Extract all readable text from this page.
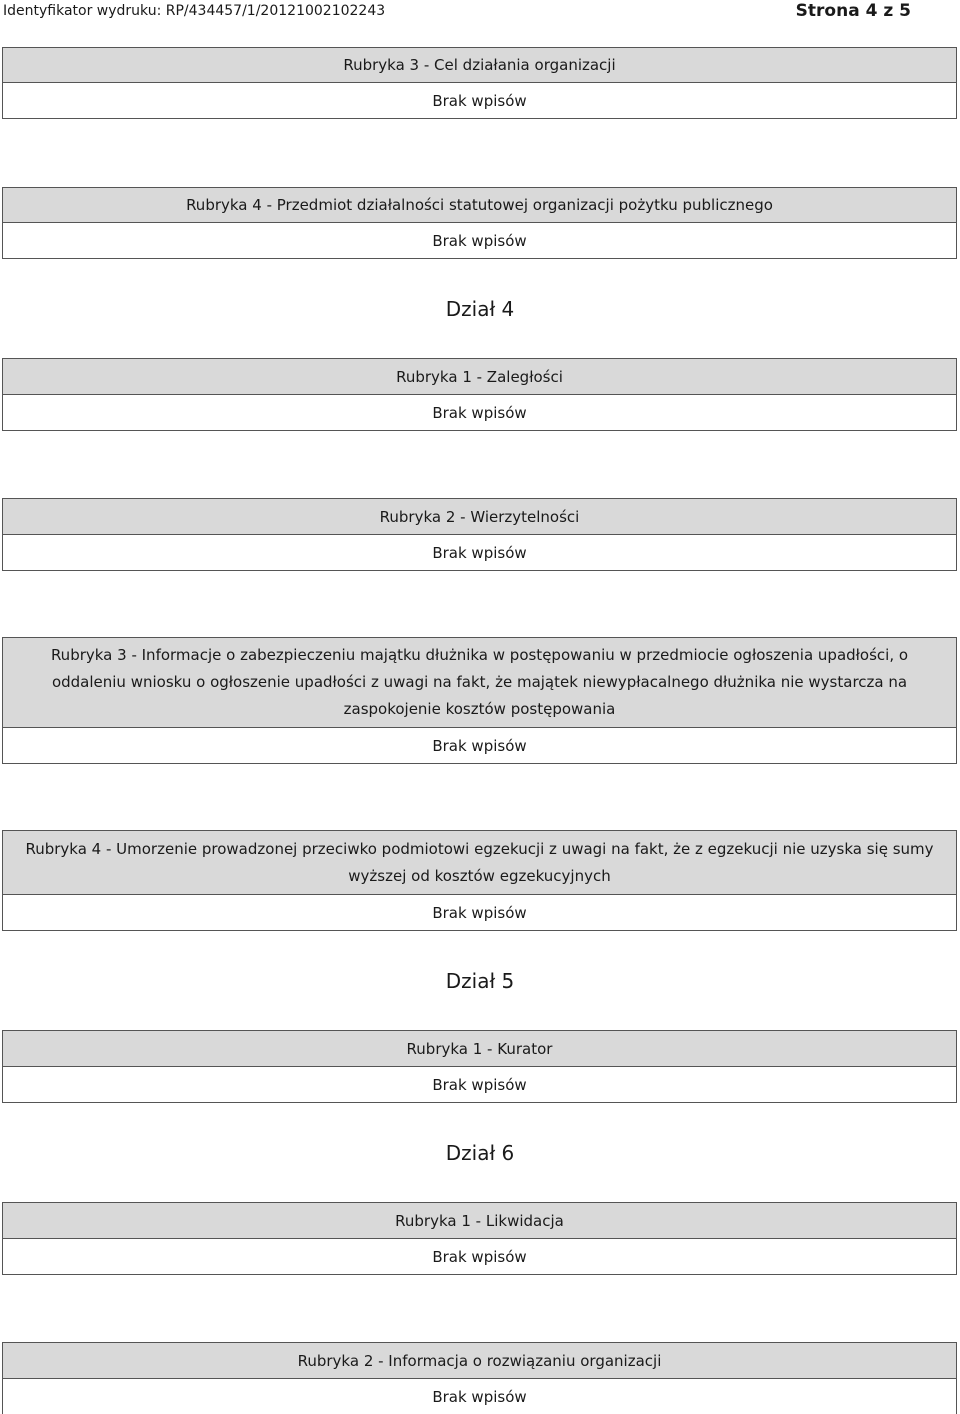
Identyfikator wydruku: RP/434457/1/20121002102243	Strona 4 z 5
Rubryka 3 - Cel działania organizacji
Brak wpisów
Rubryka 4 - Przedmiot działalności statutowej organizacji pożytku publicznego
Brak wpisów
Dział 4
Rubryka 1 - Zaległości
Brak wpisów
Rubryka 2 - Wierzytelności
Brak wpisów
Rubryka 3 - Informacje o zabezpieczeniu majątku dłużnika w postępowaniu w przedmiocie ogłoszenia upadłości, o oddaleniu wniosku o ogłoszenie upadłości z uwagi na fakt, że majątek niewypłacalnego dłużnika nie wystarcza na zaspokojenie kosztów postępowania
Brak wpisów
Rubryka 4 - Umorzenie prowadzonej przeciwko podmiotowi egzekucji z uwagi na fakt, że z egzekucji nie uzyska się sumy wyższej od kosztów egzekucyjnych
Brak wpisów
Dział 5
Rubryka 1 - Kurator
Brak wpisów
Dział 6
Rubryka 1 - Likwidacja
Brak wpisów
Rubryka 2 - Informacja o rozwiązaniu organizacji
Brak wpisów
